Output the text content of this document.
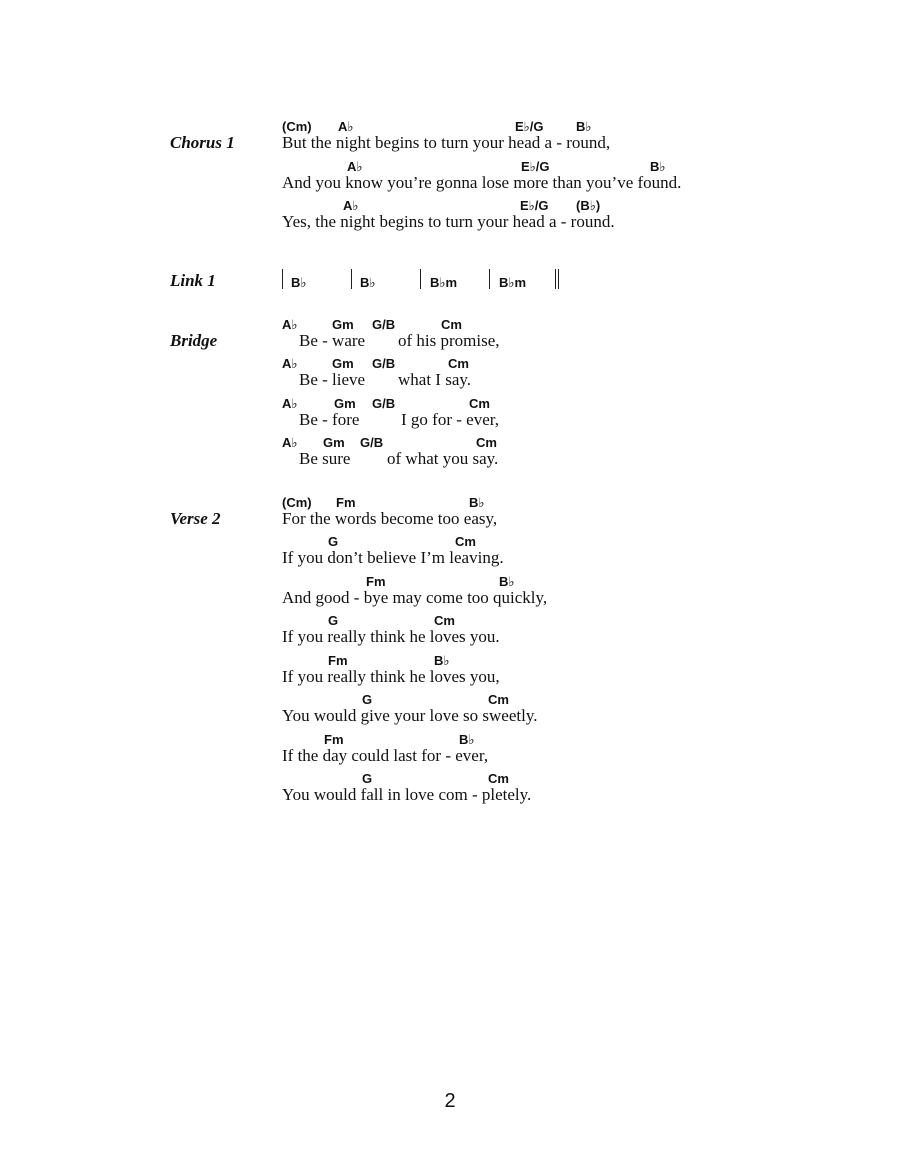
Chorus 1
(Cm) A♭	E♭/G B♭
But the night begins to turn your head a - round,
A♭	E♭/G	B♭
And you know you’re gonna lose more than you’ve found.
A♭	E♭/G (B♭)
Yes, the night begins to turn your head a - round.
Link 1	B♭	B♭	B♭m	B♭m
Bridge
A♭	Gm G/B	Cm
Be - ware of his promise,
A♭	Gm G/B	Cm
Be - lieve what I say.
A♭	Gm G/B	Cm
Be - fore I go for - ever,
A♭ Gm G/B	Cm
Be sure of what you say.
Verse 2
(Cm) Fm	B♭
For the words become too easy,
G	Cm
If you don’t believe I’m leaving.
Fm	B♭
And good - bye may come too quickly,
G	Cm
If you really think he loves you.
Fm	B♭
If you really think he loves you,
G	Cm
You would give your love so sweetly.
Fm	B♭
If the day could last for - ever,
G	Cm
You would fall in love com - pletely.
2
